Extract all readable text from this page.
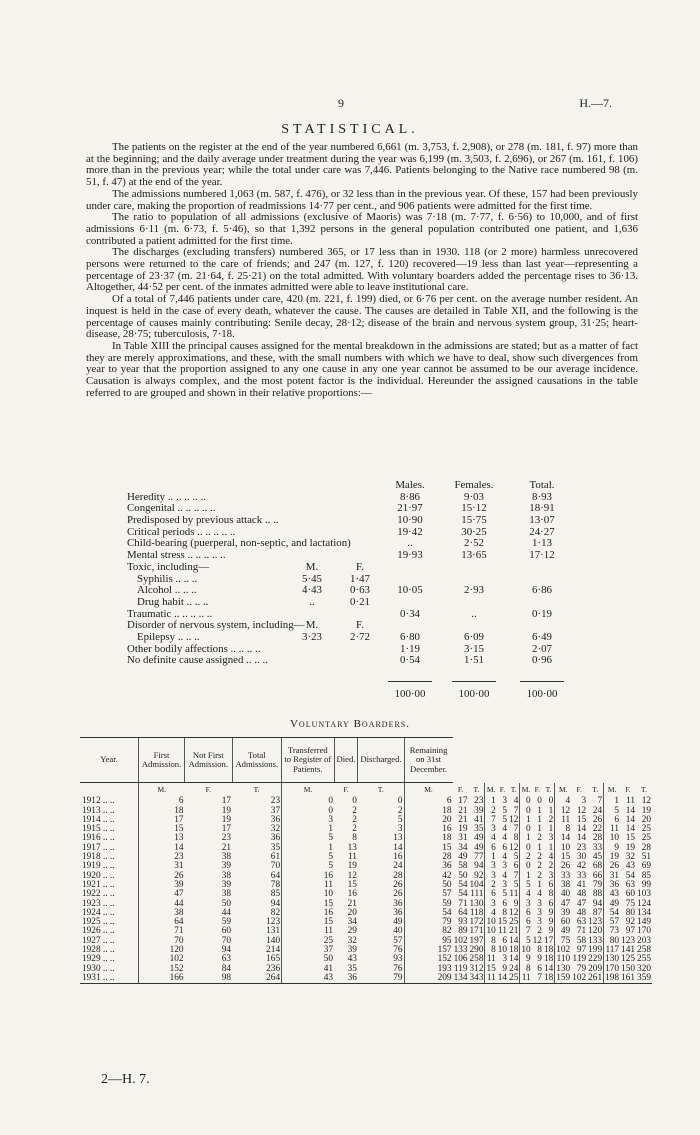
9	H.—7.
STATISTICAL.

The patients on the register at the end of the year numbered 6,661 (m. 3,753, f. 2,908), or 278 (m. 181, f. 97) more than at the beginning; and the daily average under treatment during the year was 6,199 (m. 3,503, f. 2,696), or 267 (m. 161, f. 106) more than in the previous year; while the total under care was 7,446. Patients belonging to the Native race numbered 98 (m. 51, f. 47) at the end of the year.

The admissions numbered 1,063 (m. 587, f. 476), or 32 less than in the previous year. Of these, 157 had been previously under care, making the proportion of readmissions 14·77 per cent., and 906 patients were admitted for the first time.

The ratio to population of all admissions (exclusive of Maoris) was 7·18 (m. 7·77, f. 6·56) to 10,000, and of first admissions 6·11 (m. 6·73, f. 5·46), so that 1,392 persons in the general population contributed one patient, and 1,636 contributed a patient admitted for the first time.

The discharges (excluding transfers) numbered 365, or 17 less than in 1930. 118 (or 2 more) harmless unrecovered persons were returned to the care of friends; and 247 (m. 127, f. 120) recovered—19 less than last year—representing a percentage of 23·37 (m. 21·64, f. 25·21) on the total admitted. With voluntary boarders added the percentage rises to 36·13. Altogether, 44·52 per cent. of the inmates admitted were able to leave institutional care.

Of a total of 7,446 patients under care, 420 (m. 221, f. 199) died, or 6·76 per cent. on the average number resident. An inquest is held in the case of every death, whatever the cause. The causes are detailed in Table XII, and the following is the percentage of causes mainly contributing: Senile decay, 28·12; disease of the brain and nervous system group, 31·25; heart-disease, 28·75; tuberculosis, 7·18.

In Table XIII the principal causes assigned for the mental breakdown in the admissions are stated; but as a matter of fact they are merely approximations, and these, with the small numbers with which we have to deal, show such divergences from year to year that the proportion assigned to any one cause in any one year cannot be assumed to be our average incidence. Causation is always complex, and the most potent factor is the individual. Hereunder the assigned causations in the table referred to are grouped and shown in their relative proportions:—

Males.	Females.	Total.
Heredity .. .. .. .. ..	8·86	9·03	8·93
Congenital .. .. .. .. ..	21·97	15·12	18·91
Predisposed by previous attack .. ..	10·90	15·75	13·07
Critical periods .. .. .. .. ..	19·42	30·25	24·27
Child-bearing (puerperal, non-septic, and lactation)	..	2·52	1·13
Mental stress .. .. .. .. ..	19·93	13·65	17·12
Toxic, including—	M.	F.
Syphilis .. .. ..	5·45	1·47
Alcohol .. .. ..	4·43	0·63	10·05	2·93	6·86
Drug habit .. .. ..	..	0·21
Traumatic .. .. .. .. ..	0·34	..	0·19
Disorder of nervous system, including— M.	F.
Epilepsy .. .. ..	3·23	2·72	6·80	6·09	6·49
Other bodily affections .. .. .. ..	1·19	3·15	2·07
No definite cause assigned .. .. ..	0·54	1·51	0·96
100·00	100·00	100·00
Voluntary Boarders.
Year.	First Admission.	Not First Admission.	Total Admissions.	Transferred to Register of Patients.	Died.	Discharged.	Remaining on 31st December.														
	M.	F.	T.	M.	F.	T.	M.	F.	T.	M.	F.	T.	M.	F.	T.	M.	F.	T.	M.	F.	T.
1912 .. ..	6	17	23	0	0	0	6	17	23	1	3	4	0	0	0	4	3	7	1	11	12
1913 .. ..	18	19	37	0	2	2	18	21	39	2	5	7	0	1	1	12	12	24	5	14	19
1914 .. ..	17	19	36	3	2	5	20	21	41	7	5	12	1	1	2	11	15	26	6	14	20
1915 .. ..	15	17	32	1	2	3	16	19	35	3	4	7	0	1	1	8	14	22	11	14	25
1916 .. ..	13	23	36	5	8	13	18	31	49	4	4	8	1	2	3	14	14	28	10	15	25
1917 .. ..	14	21	35	1	13	14	15	34	49	6	6	12	0	1	1	10	23	33	9	19	28
1918 .. ..	23	38	61	5	11	16	28	49	77	1	4	5	2	2	4	15	30	45	19	32	51
1919 .. ..	31	39	70	5	19	24	36	58	94	3	3	6	0	2	2	26	42	68	26	43	69
1920 .. ..	26	38	64	16	12	28	42	50	92	3	4	7	1	2	3	33	33	66	31	54	85
1921 .. ..	39	39	78	11	15	26	50	54	104	2	3	5	5	1	6	38	41	79	36	63	99
1922 .. ..	47	38	85	10	16	26	57	54	111	6	5	11	4	4	8	40	48	88	43	60	103
1923 .. ..	44	50	94	15	21	36	59	71	130	3	6	9	3	3	6	47	47	94	49	75	124
1924 .. ..	38	44	82	16	20	36	54	64	118	4	8	12	6	3	9	39	48	87	54	80	134
1925 .. ..	64	59	123	15	34	49	79	93	172	10	15	25	6	3	9	60	63	123	57	92	149
1926 .. ..	71	60	131	11	29	40	82	89	171	10	11	21	7	2	9	49	71	120	73	97	170
1927 .. ..	70	70	140	25	32	57	95	102	197	8	6	14	5	12	17	75	58	133	80	123	203
1928 .. ..	120	94	214	37	39	76	157	133	290	8	10	18	10	8	18	102	97	199	117	141	258
1929 .. ..	102	63	165	50	43	93	152	106	258	11	3	14	9	9	18	110	119	229	130	125	255
1930 .. ..	152	84	236	41	35	76	193	119	312	15	9	24	8	6	14	130	79	209	170	150	320
1931 .. ..	166	98	264	43	36	79	209	134	343	11	14	25	11	7	18	159	102	261	198	161	359
2—H. 7.
